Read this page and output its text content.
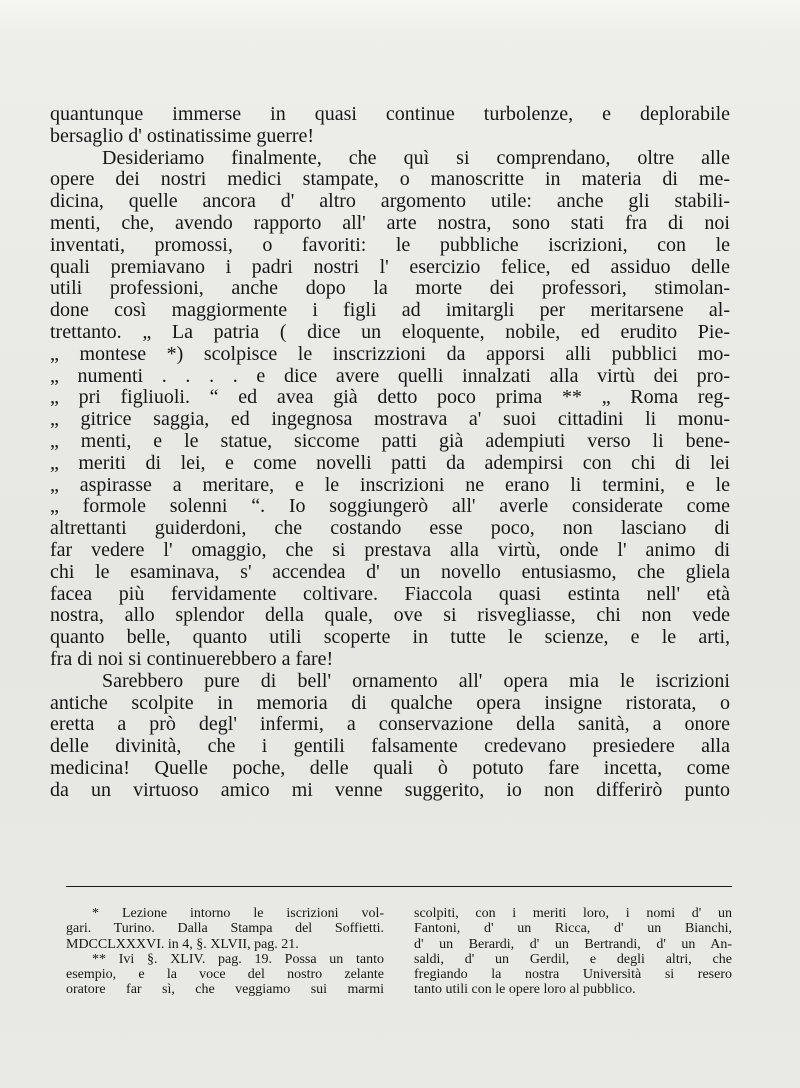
quantunque immerse in quasi continue turbolenze, e deplorabile
bersaglio d' ostinatissime guerre!
Desideriamo finalmente, che quì si comprendano, oltre alle
opere dei nostri medici stampate, o manoscritte in materia di me-
dicina, quelle ancora d' altro argomento utile: anche gli stabili-
menti, che, avendo rapporto all' arte nostra, sono stati fra di noi
inventati, promossi, o favoriti: le pubbliche iscrizioni, con le
quali premiavano i padri nostri l' esercizio felice, ed assiduo delle
utili professioni, anche dopo la morte dei professori, stimolan-
done così maggiormente i figli ad imitargli per meritarsene al-
trettanto. „ La patria ( dice un eloquente, nobile, ed erudito Pie-
„ montese *) scolpisce le inscrizzioni da apporsi alli pubblici mo-
„ numenti . . . . e dice avere quelli innalzati alla virtù dei pro-
„ pri figliuoli. “ ed avea già detto poco prima ** „ Roma reg-
„ gitrice saggia, ed ingegnosa mostrava a' suoi cittadini li monu-
„ menti, e le statue, siccome patti già adempiuti verso li bene-
„ meriti di lei, e come novelli patti da adempirsi con chi di lei
„ aspirasse a meritare, e le inscrizioni ne erano li termini, e le
„ formole solenni “. Io soggiungerò all' averle considerate come
altrettanti guiderdoni, che costando esse poco, non lasciano di
far vedere l' omaggio, che si prestava alla virtù, onde l' animo di
chi le esaminava, s' accendea d' un novello entusiasmo, che gliela
facea più fervidamente coltivare. Fiaccola quasi estinta nell' età
nostra, allo splendor della quale, ove si risvegliasse, chi non vede
quanto belle, quanto utili scoperte in tutte le scienze, e le arti,
fra di noi si continuerebbero a fare!
Sarebbero pure di bell' ornamento all' opera mia le iscrizioni
antiche scolpite in memoria di qualche opera insigne ristorata, o
eretta a prò degl' infermi, a conservazione della sanità, a onore
delle divinità, che i gentili falsamente credevano presiedere alla
medicina! Quelle poche, delle quali ò potuto fare incetta, come
da un virtuoso amico mi venne suggerito, io non differirò punto
* Lezione intorno le iscrizioni vol-
gari. Turino. Dalla Stampa del Soffietti.
MDCCLXXXVI. in 4, §. XLVII, pag. 21.
** Ivi §. XLIV. pag. 19. Possa un tanto
esempio, e la voce del nostro zelante
oratore far sì, che veggiamo sui marmi
scolpiti, con i meriti loro, i nomi d' un
Fantoni, d' un Ricca, d' un Bianchi,
d' un Berardi, d' un Bertrandi, d' un An-
saldi, d' un Gerdil, e degli altri, che
fregiando la nostra Università si resero
tanto utili con le opere loro al pubblico.
